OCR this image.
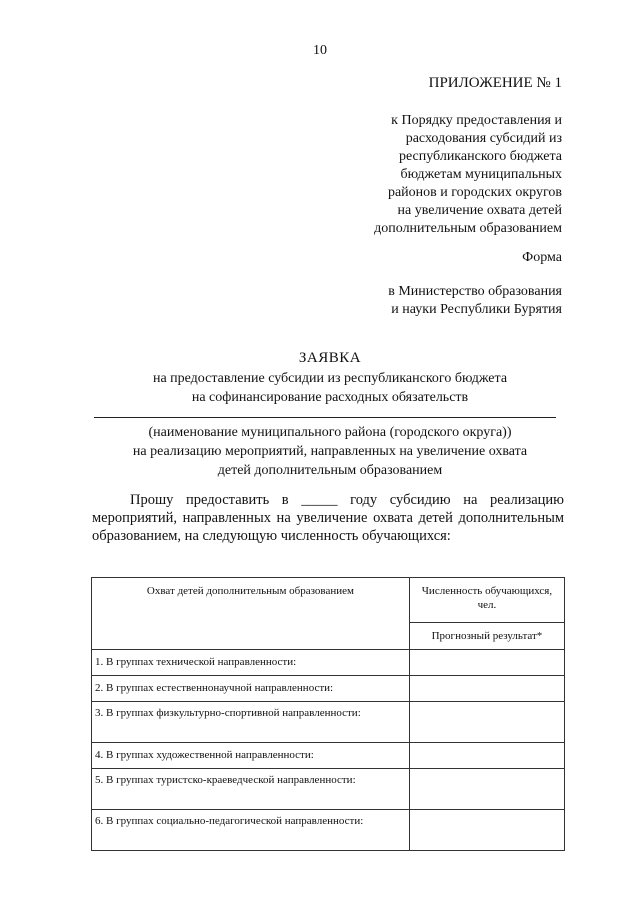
10
ПРИЛОЖЕНИЕ № 1
к Порядку предоставления и
расходования субсидий из
республиканского бюджета
бюджетам муниципальных
районов и городских округов
на увеличение охвата детей
дополнительным образованием
Форма
в Министерство образования
и науки Республики Бурятия
ЗАЯВКА
на предоставление субсидии из республиканского бюджета
на софинансирование расходных обязательств
(наименование муниципального района (городского округа))
на реализацию мероприятий, направленных на увеличение охвата
детей дополнительным образованием
Прошу предоставить в _____ году субсидию на реализацию мероприятий, направленных на увеличение охвата детей дополнительным образованием, на следующую численность обучающихся:
Охват детей дополнительным образованием	Численность обучающихся, чел.
	Прогнозный результат*
1. В группах технической направленности:	
2. В группах естественнонаучной направленности:	
3. В группах физкультурно-спортивной направленности:	
4. В группах художественной направленности:	
5. В группах туристско-краеведческой направленности:	
6. В группах социально-педагогической направленности:	
